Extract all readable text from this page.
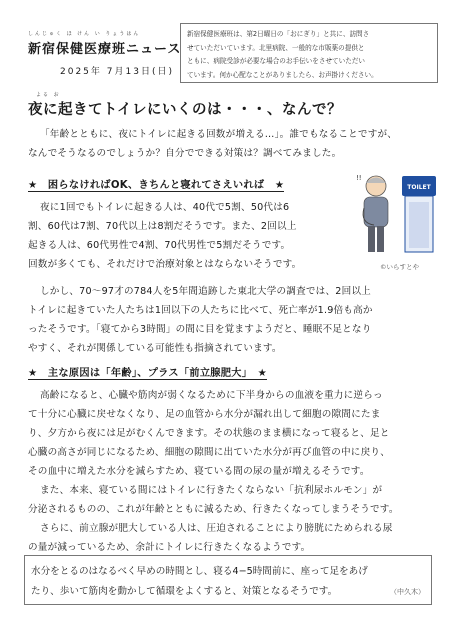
しんじゅく ほ けん い りょうはん
新宿保健医療班ニュース
2025年 7月13日(日)
新宿保健医療班は、第2日曜日の「おにぎり」と共に、訪問さ
せていただいています。北里病院、一般的な市販薬の提供と
ともに、病院受診が必要な場合のお手伝いをさせていただい
ています。何か心配なことがありましたら、お声掛けください。
よる お
夜に起きてトイレにいくのは・・・、なんで？
「年齢とともに、夜にトイレに起きる回数が増える…」。誰でもなることですが、
なんでそうなるのでしょうか？自分でできる対策は？調べてみました。
★　困らなければOK、きちんと寝れてさえいれば　★
夜に1回でもトイレに起きる人は、40代で5割、50代は6
割、60代は7割、70代以上は8割だそうです。また、2回以上
起きる人は、60代男性で4割、70代男性で5割だそうです。
回数が多くても、それだけで治療対象とはならないそうです。
TOILET
!!
©いらすとや
しかし、70〜97才の784人を5年間追跡した東北大学の調査では、2回以上
トイレに起きていた人たちは1回以下の人たちに比べて、死亡率が1.9倍も高か
ったそうです。「寝てから3時間」の間に目を覚ますようだと、睡眠不足となり
やすく、それが関係している可能性も指摘されています。
★　主な原因は「年齢」、プラス「前立腺肥大」　★
高齢になると、心臓や筋肉が弱くなるために下半身からの血液を重力に逆らっ
て十分に心臓に戻せなくなり、足の血管から水分が漏れ出して細胞の隙間にたま
り、夕方から夜には足がむくんできます。その状態のまま横になって寝ると、足と
心臓の高さが同じになるため、細胞の隙間に出ていた水分が再び血管の中に戻り、
その血中に増えた水分を減らすため、寝ている間の尿の量が増えるそうです。
また、本来、寝ている間にはトイレに行きたくならない「抗利尿ホルモン」が
分泌されるものの、これが年齢とともに減るため、行きたくなってしまうそうです。
さらに、前立腺が肥大している人は、圧迫されることにより膀胱にためられる尿
の量が減っているため、余計にトイレに行きたくなるようです。
水分をとるのはなるべく早めの時間とし、寝る4−5時間前に、座って足をあげ
たり、歩いて筋肉を動かして循環をよくすると、対策となるそうです。	（中久木）
